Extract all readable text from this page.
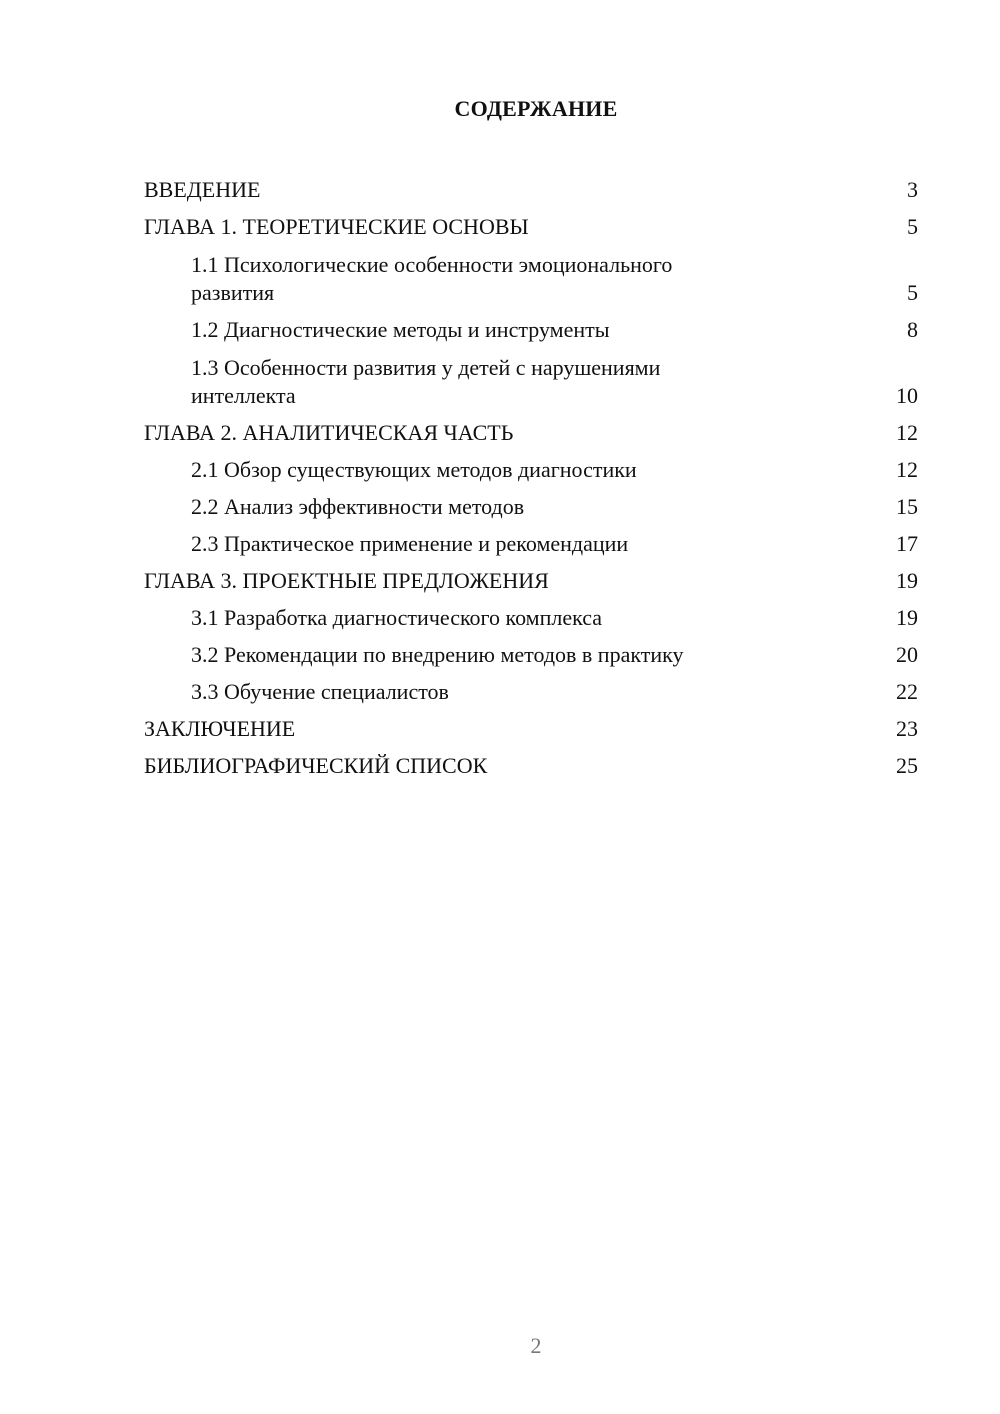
СОДЕРЖАНИЕ
ВВЕДЕНИЕ	3
ГЛАВА 1. ТЕОРЕТИЧЕСКИЕ ОСНОВЫ	5
1.1 Психологические особенности эмоционального развития	5
1.2 Диагностические методы и инструменты	8
1.3 Особенности развития у детей с нарушениями интеллекта	10
ГЛАВА 2. АНАЛИТИЧЕСКАЯ ЧАСТЬ	12
2.1 Обзор существующих методов диагностики	12
2.2 Анализ эффективности методов	15
2.3 Практическое применение и рекомендации	17
ГЛАВА 3. ПРОЕКТНЫЕ ПРЕДЛОЖЕНИЯ	19
3.1 Разработка диагностического комплекса	19
3.2 Рекомендации по внедрению методов в практику	20
3.3 Обучение специалистов	22
ЗАКЛЮЧЕНИЕ	23
БИБЛИОГРАФИЧЕСКИЙ СПИСОК	25
2
